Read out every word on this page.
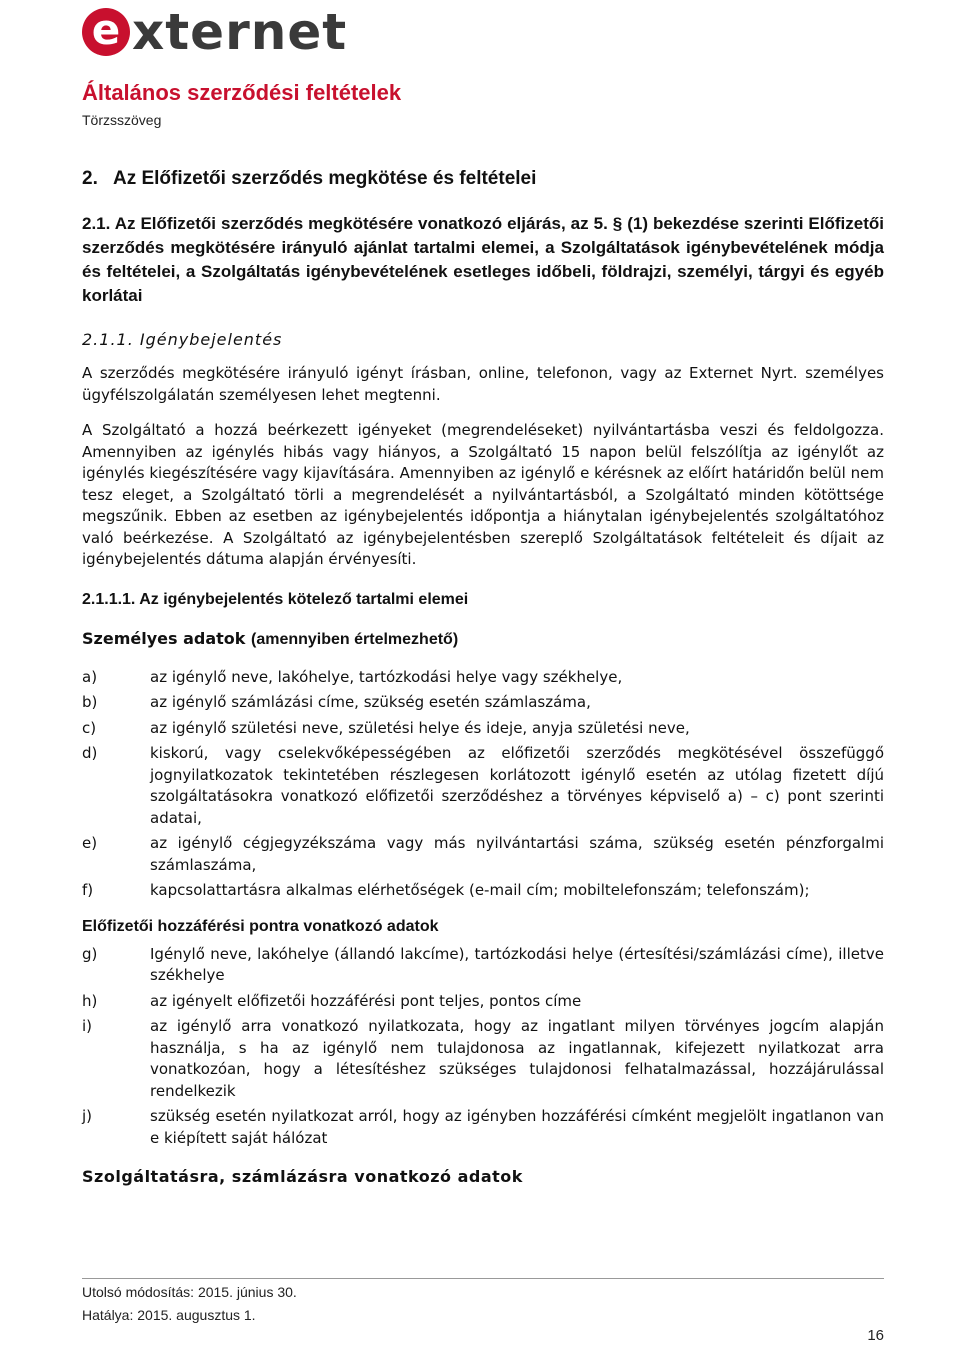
e xternet
Általános szerződési feltételek
Törzsszöveg
2.   Az Előfizetői szerződés megkötése és feltételei

2.1. Az Előfizetői szerződés megkötésére vonatkozó eljárás, az 5. § (1) bekezdése szerinti Előfizetői szerződés megkötésére irányuló ajánlat tartalmi elemei, a Szolgáltatások igénybevételének módja és feltételei, a Szolgáltatás igénybevételének esetleges időbeli, földrajzi, személyi, tárgyi és egyéb korlátai

2.1.1. Igénybejelentés

A szerződés megkötésére irányuló igényt írásban, online, telefonon, vagy az Externet Nyrt. személyes ügyfélszolgálatán személyesen lehet megtenni.

A Szolgáltató a hozzá beérkezett igényeket (megrendeléseket) nyilvántartásba veszi és feldolgozza. Amennyiben az igénylés hibás vagy hiányos, a Szolgáltató 15 napon belül felszólítja az igénylőt az igénylés kiegészítésére vagy kijavítására. Amennyiben az igénylő e kérésnek az előírt határidőn belül nem tesz eleget, a Szolgáltató törli a megrendelését a nyilvántartásból, a Szolgáltató minden kötöttsége megszűnik. Ebben az esetben az igénybejelentés időpontja a hiánytalan igénybejelentés szolgáltatóhoz való beérkezése. A Szolgáltató az igénybejelentésben szereplő Szolgáltatások feltételeit és díjait az igénybejelentés dátuma alapján érvényesíti.

2.1.1.1. Az igénybejelentés kötelező tartalmi elemei
Személyes adatok (amennyiben értelmezhető)
a)	az igénylő neve, lakóhelye, tartózkodási helye vagy székhelye,
b)	az igénylő számlázási címe, szükség esetén számlaszáma,
c)	az igénylő születési neve, születési helye és ideje, anyja születési neve,
d)	kiskorú, vagy cselekvőképességében az előfizetői szerződés megkötésével összefüggő jognyilatkozatok tekintetében részlegesen korlátozott igénylő esetén az utólag fizetett díjú szolgáltatásokra vonatkozó előfizetői szerződéshez a törvényes képviselő a) – c) pont szerinti adatai,
e)	az igénylő cégjegyzékszáma vagy más nyilvántartási száma, szükség esetén pénzforgalmi számlaszáma,
f)	kapcsolattartásra alkalmas elérhetőségek (e-mail cím; mobiltelefonszám; telefonszám);
Előfizetői hozzáférési pontra vonatkozó adatok
g)	Igénylő neve, lakóhelye (állandó lakcíme), tartózkodási helye (értesítési/számlázási címe), illetve székhelye
h)	az igényelt előfizetői hozzáférési pont teljes, pontos címe
i)	az igénylő arra vonatkozó nyilatkozata, hogy az ingatlant milyen törvényes jogcím alapján használja, s ha az igénylő nem tulajdonosa az ingatlannak, kifejezett nyilatkozat arra vonatkozóan, hogy a létesítéshez szükséges tulajdonosi felhatalmazással, hozzájárulással rendelkezik
j)	szükség esetén nyilatkozat arról, hogy az igényben hozzáférési címként megjelölt ingatlanon van e kiépített saját hálózat
Szolgáltatásra, számlázásra vonatkozó adatok
Utolsó módosítás: 2015. június 30.
Hatálya: 2015. augusztus 1.
16
